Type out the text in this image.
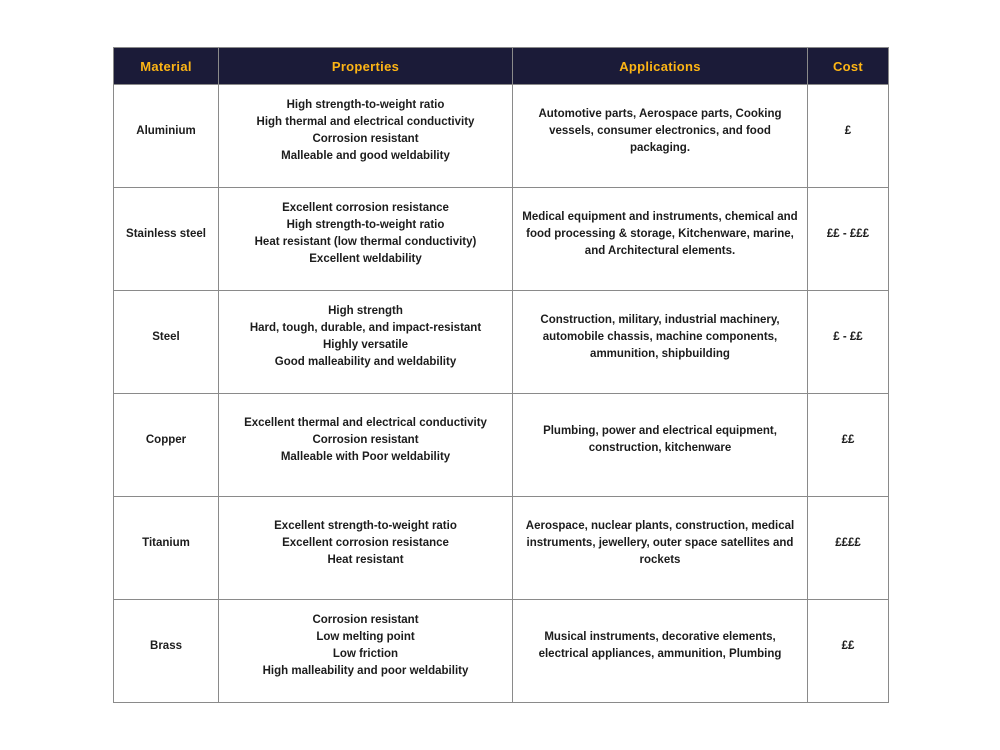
Material	Properties	Applications	Cost
Aluminium	High strength-to-weight ratio
High thermal and electrical conductivity
Corrosion resistant
Malleable and good weldability	Automotive parts, Aerospace parts, Cooking vessels, consumer electronics, and food packaging.	£
Stainless steel	Excellent corrosion resistance
High strength-to-weight ratio
Heat resistant (low thermal conductivity)
Excellent weldability	Medical equipment and instruments, chemical and food processing & storage, Kitchenware, marine, and Architectural elements.	££ - £££
Steel	High strength
Hard, tough, durable, and impact-resistant
Highly versatile
Good malleability and weldability	Construction, military, industrial machinery, automobile chassis, machine components, ammunition, shipbuilding	£ - ££
Copper	Excellent thermal and electrical conductivity
Corrosion resistant
Malleable with Poor weldability	Plumbing, power and electrical equipment, construction, kitchenware	££
Titanium	Excellent strength-to-weight ratio
Excellent corrosion resistance
Heat resistant	Aerospace, nuclear plants, construction, medical instruments, jewellery, outer space satellites and rockets	££££
Brass	Corrosion resistant
Low melting point
Low friction
High malleability and poor weldability	Musical instruments, decorative elements, electrical appliances, ammunition, Plumbing	££
